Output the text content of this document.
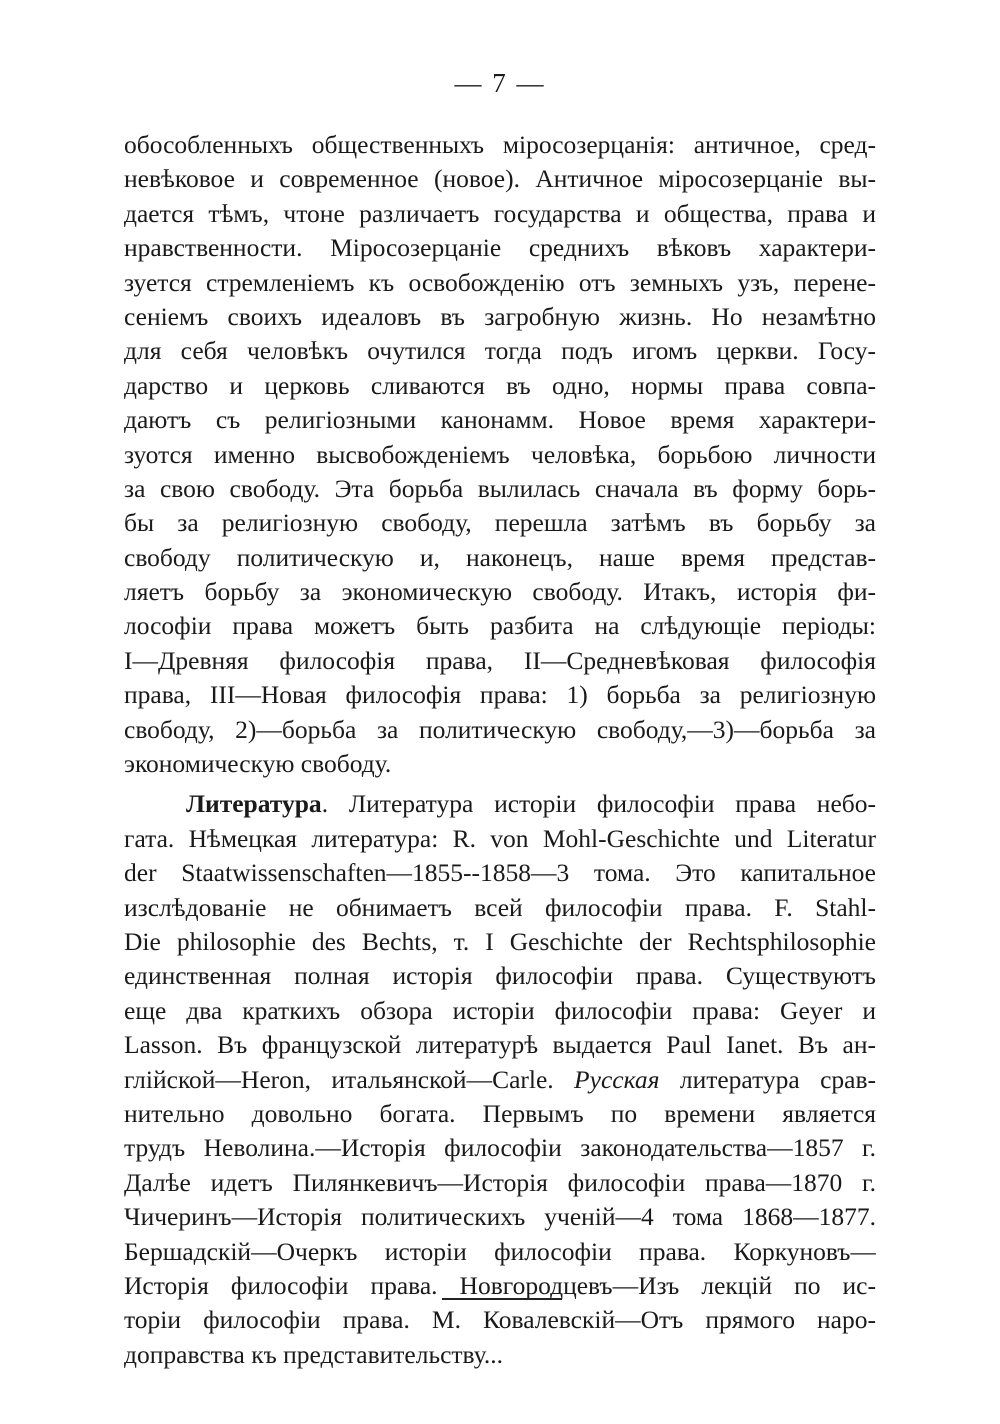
— 7 —
обособленныхъ общественныхъ міросозерцанія: античное, сред-
невѣковое и современное (новое). Античное міросозерцаніе вы-
дается тѣмъ, чтоне различаетъ государства и общества, права и
нравственности. Міросозерцаніе среднихъ вѣковъ характери-
зуется стремленіемъ къ освобожденію отъ земныхъ узъ, перене-
сеніемъ своихъ идеаловъ въ загробную жизнь. Но незамѣтно
для себя человѣкъ очутился тогда подъ игомъ церкви. Госу-
дарство и церковь сливаются въ одно, нормы права совпа-
даютъ съ религіозными канонамм. Новое время характери-
зуотся именно высвобожденіемъ человѣка, борьбою личности
за свою свободу. Эта борьба вылилась сначала въ форму борь-
бы за религіозную свободу, перешла затѣмъ въ борьбу за
свободу политическую и, наконецъ, наше время представ-
ляетъ борьбу за экономическую свободу. Итакъ, исторія фи-
лософіи права можетъ быть разбита на слѣдующіе періоды:
I—Древняя философія права, II—Средневѣковая философія
права, III—Новая философія права: 1) борьба за религіозную
свободу, 2)—борьба за политическую свободу,—3)—борьба за
экономическую свободу.
Литература. Литература исторіи философіи права небо-
гата. Нѣмецкая литература: R. von Mohl-Geschichte und Literatur
der Staatwissenschaften—1855--1858—3 тома. Это капитальное
изслѣдованіе не обнимаетъ всей философіи права. F. Stahl-
Die philosophie des Bechts, т. I Geschichte der Rechtsphilosophie
единственная полная исторія философіи права. Существуютъ
еще два краткихъ обзора исторіи философіи права: Geyer и
Lasson. Въ французской литературѣ выдается Paul Ianet. Въ ан-
глійской—Heron, итальянской—Carle. Русская литература срав-
нительно довольно богата. Первымъ по времени является
трудъ Неволина.—Исторія философіи законодательства—1857 г.
Далѣе идетъ Пилянкевичъ—Исторія философіи права—1870 г.
Чичеринъ—Исторія политическихъ ученій—4 тома 1868—1877.
Бершадскій—Очеркъ исторіи философіи права. Коркуновъ—
Исторія философіи права. Новгородцевъ—Изъ лекцій по ис-
торіи философіи права. М. Ковалевскій—Отъ прямого наро-
доправства къ представительству...
